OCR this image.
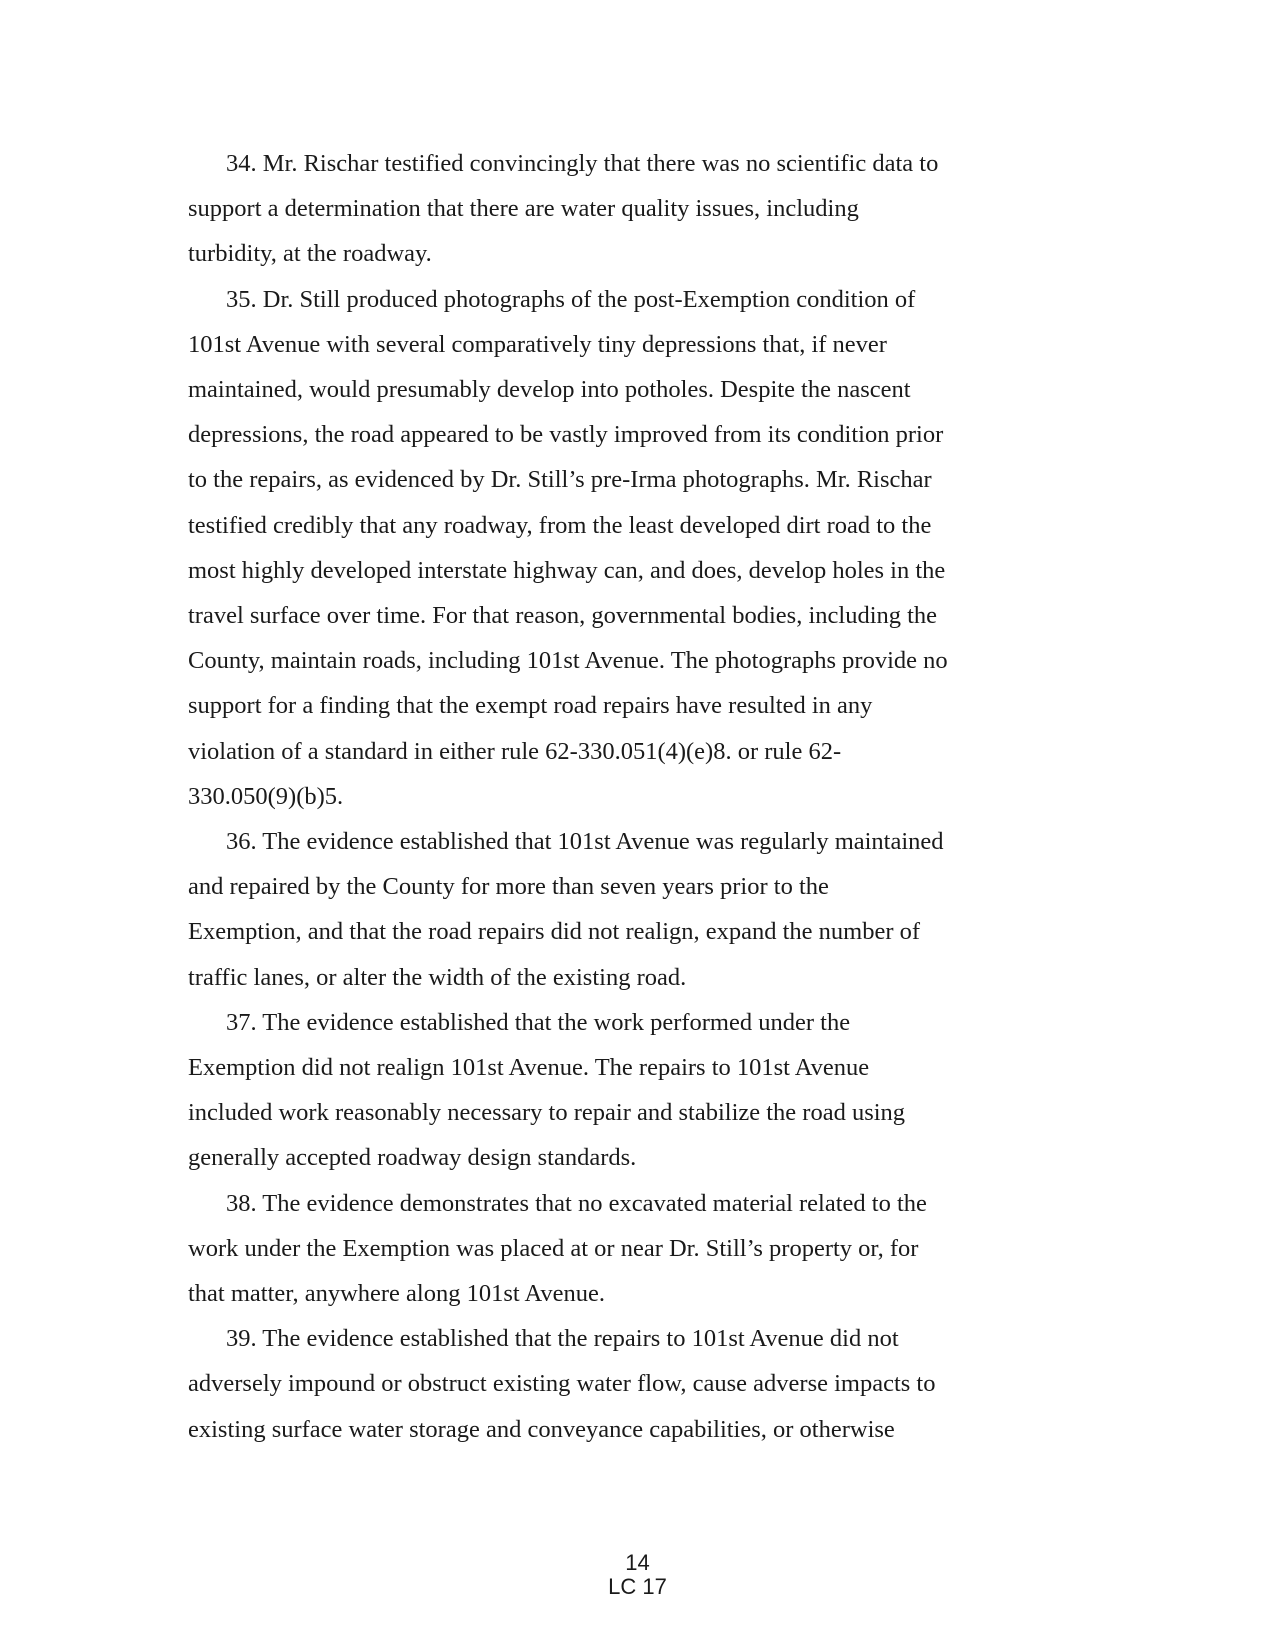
34. Mr. Rischar testified convincingly that there was no scientific data to
support a determination that there are water quality issues, including
turbidity, at the roadway.
35. Dr. Still produced photographs of the post-Exemption condition of
101st Avenue with several comparatively tiny depressions that, if never
maintained, would presumably develop into potholes. Despite the nascent
depressions, the road appeared to be vastly improved from its condition prior
to the repairs, as evidenced by Dr. Still’s pre-Irma photographs. Mr. Rischar
testified credibly that any roadway, from the least developed dirt road to the
most highly developed interstate highway can, and does, develop holes in the
travel surface over time. For that reason, governmental bodies, including the
County, maintain roads, including 101st Avenue. The photographs provide no
support for a finding that the exempt road repairs have resulted in any
violation of a standard in either rule 62-330.051(4)(e)8. or rule 62-
330.050(9)(b)5.
36. The evidence established that 101st Avenue was regularly maintained
and repaired by the County for more than seven years prior to the
Exemption, and that the road repairs did not realign, expand the number of
traffic lanes, or alter the width of the existing road.
37. The evidence established that the work performed under the
Exemption did not realign 101st Avenue. The repairs to 101st Avenue
included work reasonably necessary to repair and stabilize the road using
generally accepted roadway design standards.
38. The evidence demonstrates that no excavated material related to the
work under the Exemption was placed at or near Dr. Still’s property or, for
that matter, anywhere along 101st Avenue.
39. The evidence established that the repairs to 101st Avenue did not
adversely impound or obstruct existing water flow, cause adverse impacts to
existing surface water storage and conveyance capabilities, or otherwise
14
LC 17
